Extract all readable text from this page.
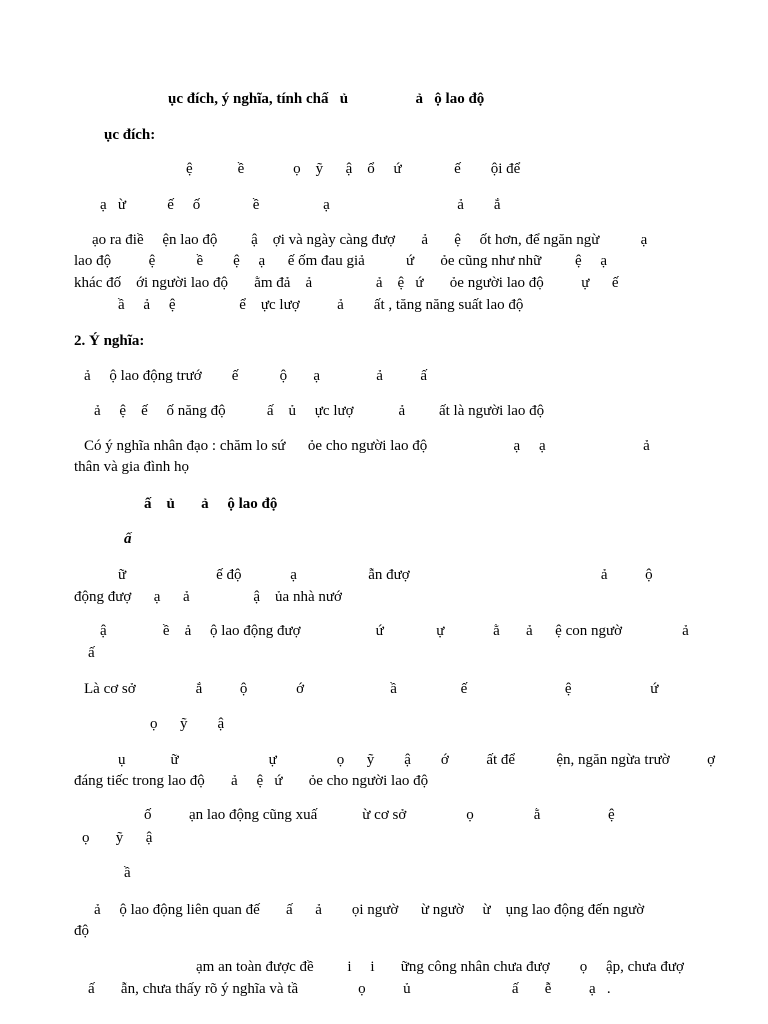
ục đích, ý nghĩa, tính chấ   ủ                  ả   ộ lao độ
ục đích:
ệ            ề             ọ    ỹ      ậ    ổ     ứ              ế        ội để
ạ   ừ           ế     ố              ề                 ạ                                  ả        ắ
ạo ra điề     ện lao độ         ậ    ợi và ngày càng đượ       ả       ệ     ốt hơn, để ngăn ngừ           ạ
lao độ          ệ           ề        ệ     ạ      ế ốm đau giả           ứ       ỏe cũng như nhữ         ệ     ạ
khác đố    ới người lao độ       ằm đả    ả                 ả    ệ   ứ       ỏe người lao độ          ự      ế
ầ     ả     ệ                 ể    ực lượ          ả        ất , tăng năng suất lao độ
2. Ý nghĩa:
ả     ộ lao động trướ        ế           ộ       ạ               ả          ấ
ả     ệ    ế     ố năng độ           ấ    ủ     ực lượ            ả         ất là người lao độ
Có ý nghĩa nhân đạo : chăm lo sứ      ỏe cho người lao độ                       ạ     ạ                          ả
thân và gia đình họ
ấ    ủ       ả     ộ lao độ
ấ
ữ                        ế độ             ạ                   ẫn đượ                                                   ả          ộ
động đượ      ạ      ả                 ậ    ủa nhà nướ
ậ               ề    ả     ộ lao động đượ                    ứ              ự             ằ       ả      ệ con ngườ                ả
ấ
Là cơ sở                ắ          ộ             ớ                       ầ                 ế                          ệ                     ứ
ọ      ỹ        ậ
ụ            ữ                        ự                ọ      ỹ        ậ        ớ          ất để           ện, ngăn ngừa trườ          ợ
đáng tiếc trong lao độ       ả     ệ   ứ       ỏe cho người lao độ
ố          ạn lao động cũng xuấ            ừ cơ sở                ọ                ằ                  ệ
ọ       ỹ      ậ
ầ
ả     ộ lao động liên quan đế       ấ      ả        ọi ngườ      ừ ngườ     ừ    ụng lao động đến ngườ
độ
ạm an toàn được đề         i     i       ững công nhân chưa đượ        ọ     ập, chưa đượ
ấ       ẫn, chưa thấy rõ ý nghĩa và tầ                ọ          ủ                           ấ       ễ          ạ   .
